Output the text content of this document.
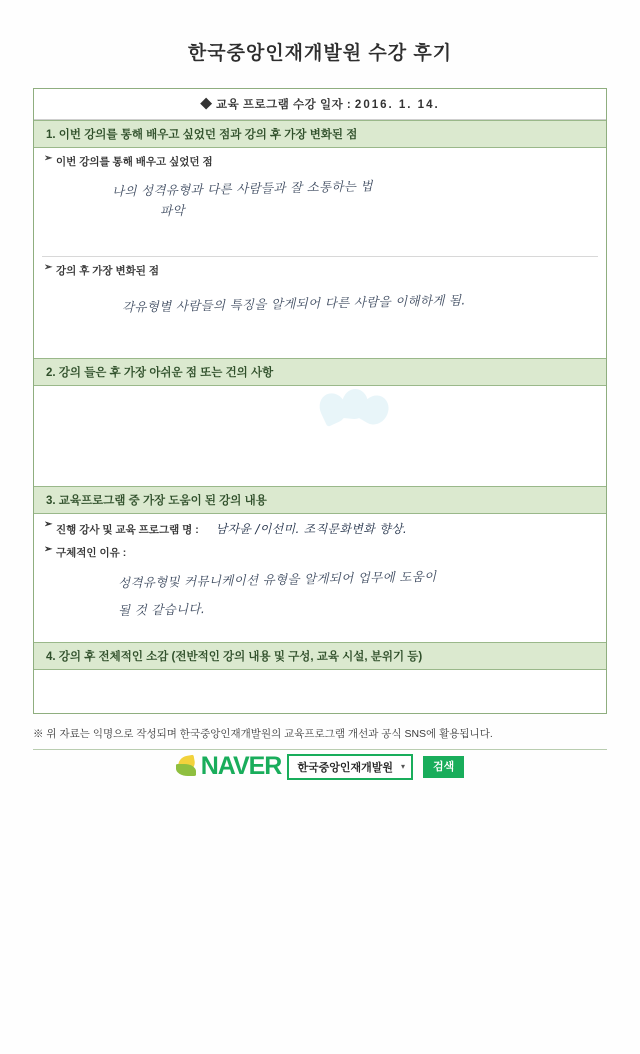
한국중앙인재개발원 수강 후기
◆ 교육 프로그램 수강 일자 : 2016. 1. 14.
1. 이번 강의를 통해 배우고 싶었던 점과 강의 후 가장 변화된 점
➢ 이번 강의를 통해 배우고 싶었던 점
나의 성격유형과 다른 사람들과 잘 소통하는 법
파악
➢ 강의 후 가장 변화된 점
각유형별 사람들의 특징을 알게되어 다른 사람을 이해하게 됨.
2. 강의 들은 후 가장 아쉬운 점 또는 건의 사항
3. 교육프로그램 중 가장 도움이 된 강의 내용
➢ 진행 강사 및 교육 프로그램 명 : 남자윤 /이선미. 조직문화변화 향상.
➢ 구체적인 이유 :
성격유형및 커뮤니케이션 유형을 알게되어 업무에 도움이
될 것 같습니다.
4. 강의 후 전체적인 소감 (전반적인 강의 내용 및 구성, 교육 시설, 분위기 등)
※ 위 자료는 익명으로 작성되며 한국중앙인재개발원의 교육프로그램 개선과 공식 SNS에 활용됩니다.
NAVER	한국중앙인재개발원	▾	검색
